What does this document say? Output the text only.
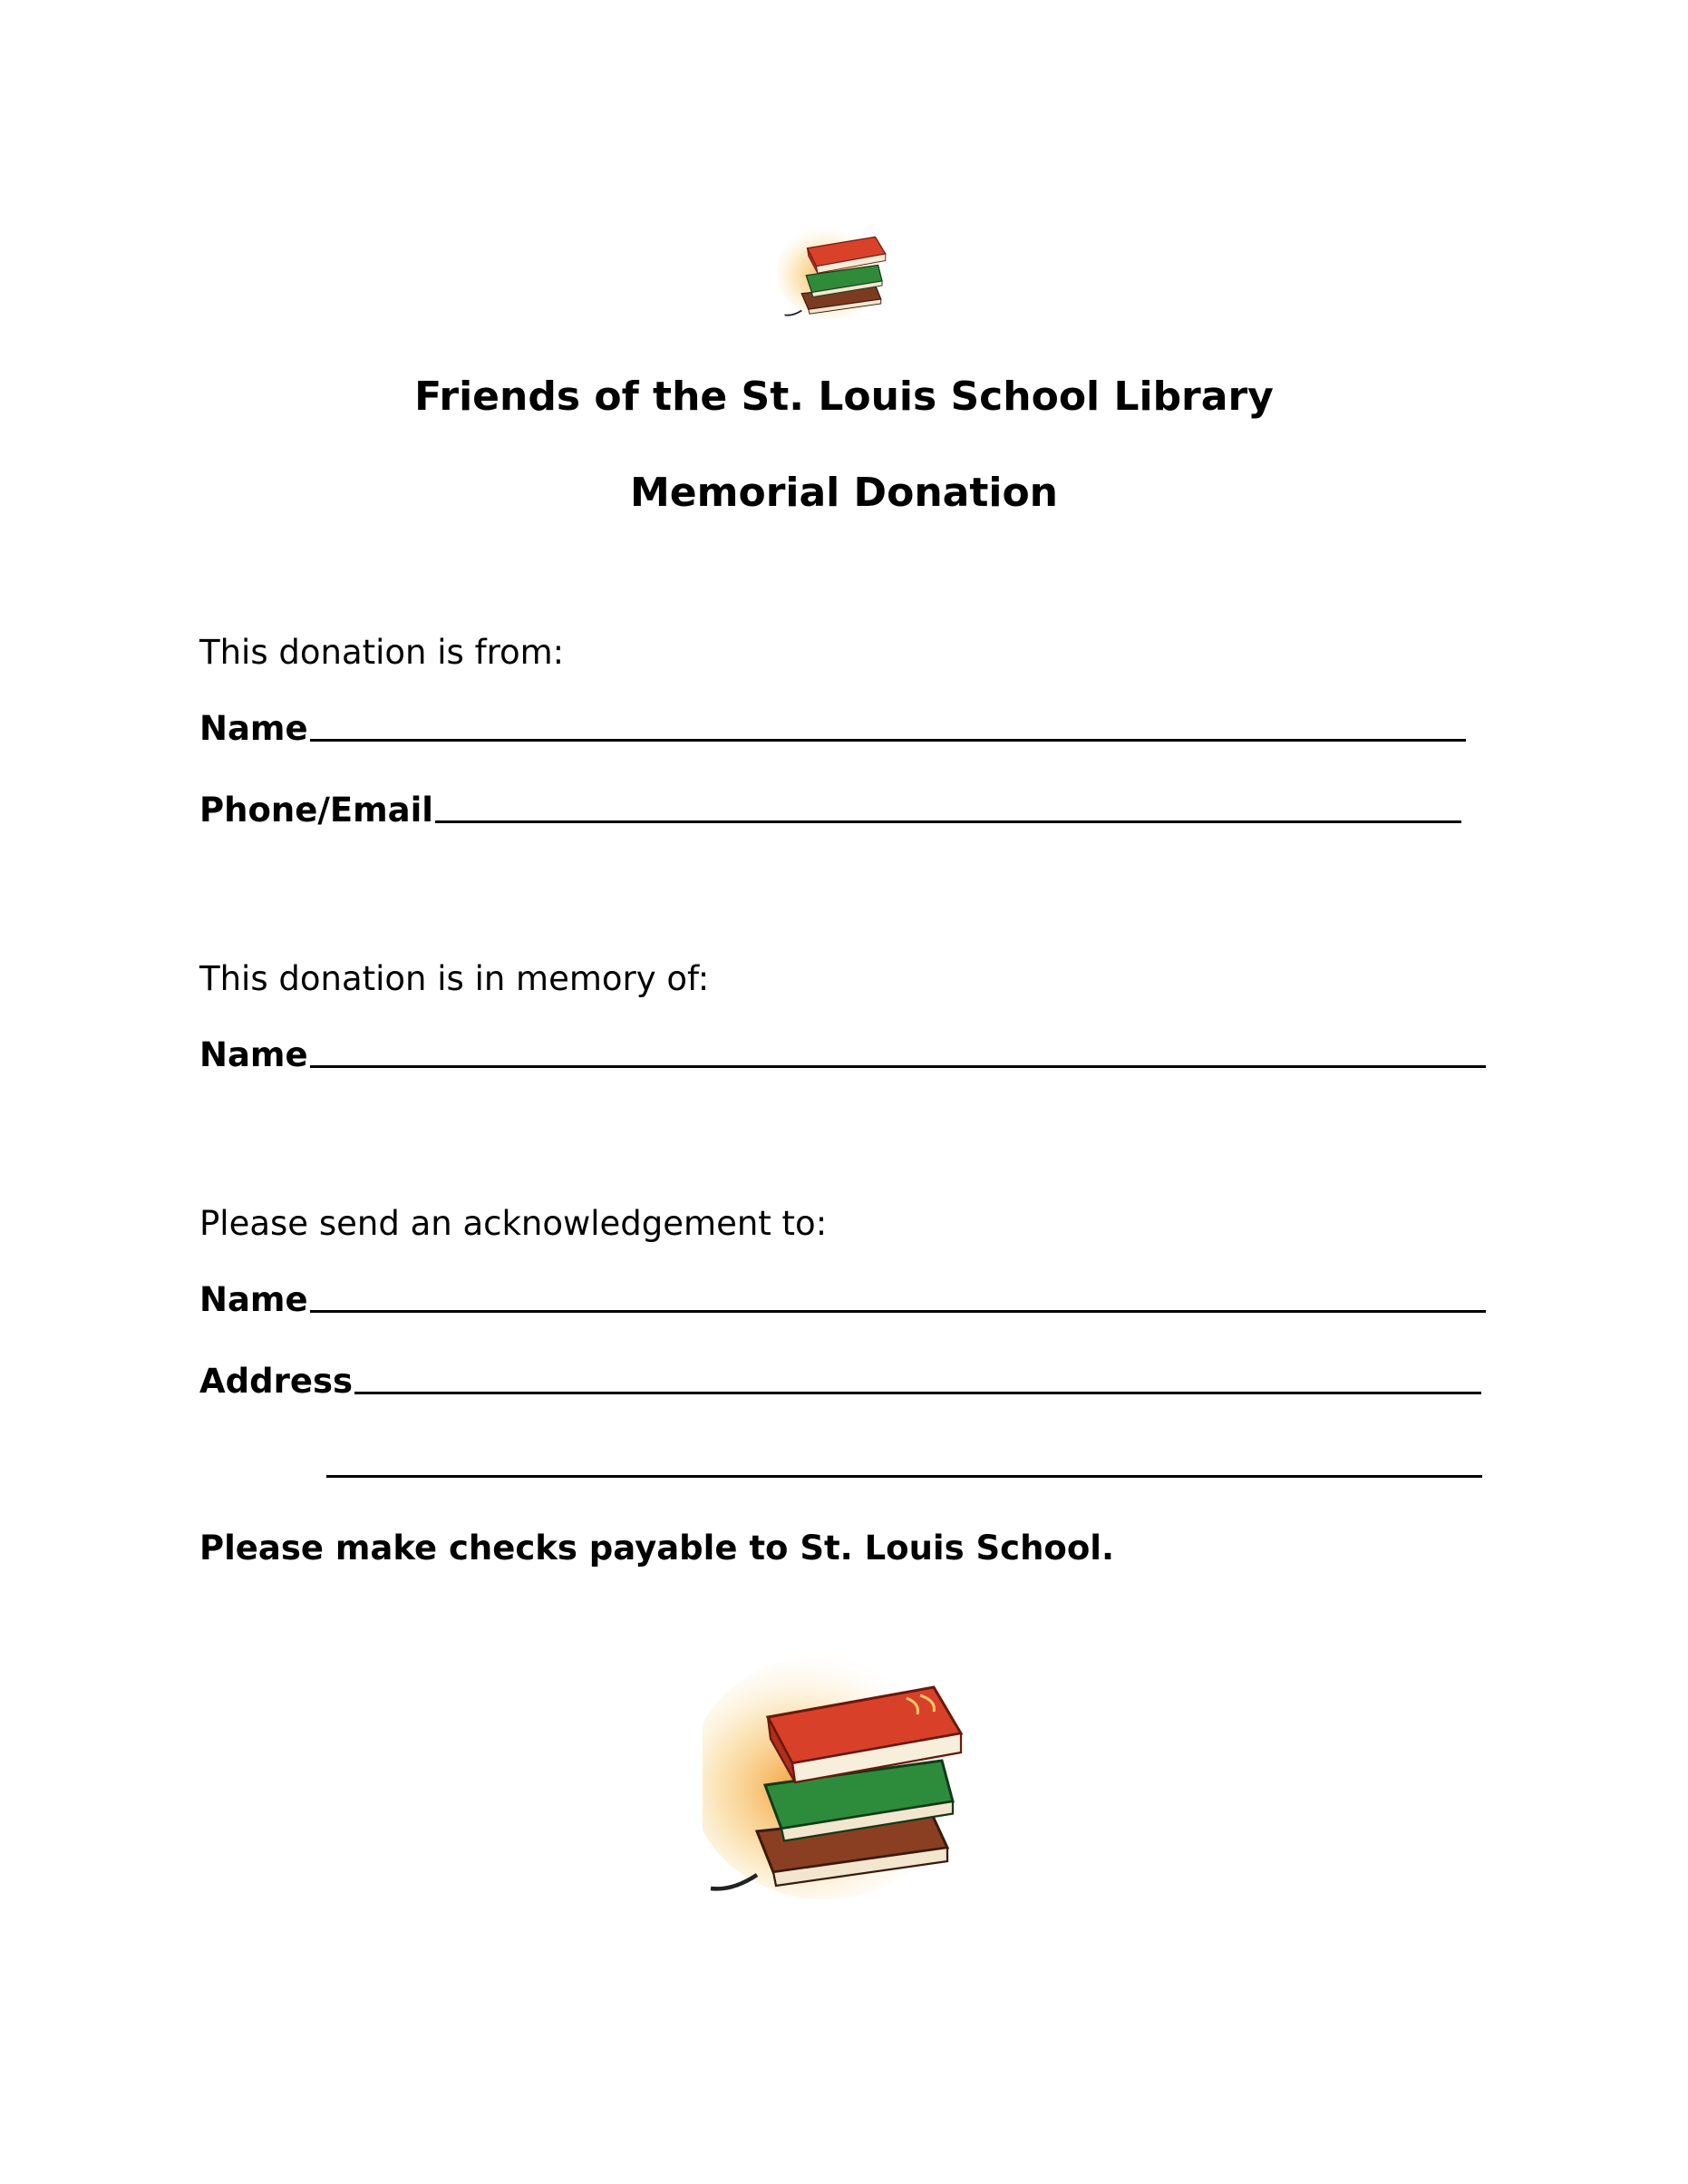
Friends of the St. Louis School Library
Memorial Donation
This donation is from:
Name
Phone/Email
This donation is in memory of:
Name
Please send an acknowledgement to:
Name
Address
Please make checks payable to St. Louis School.
